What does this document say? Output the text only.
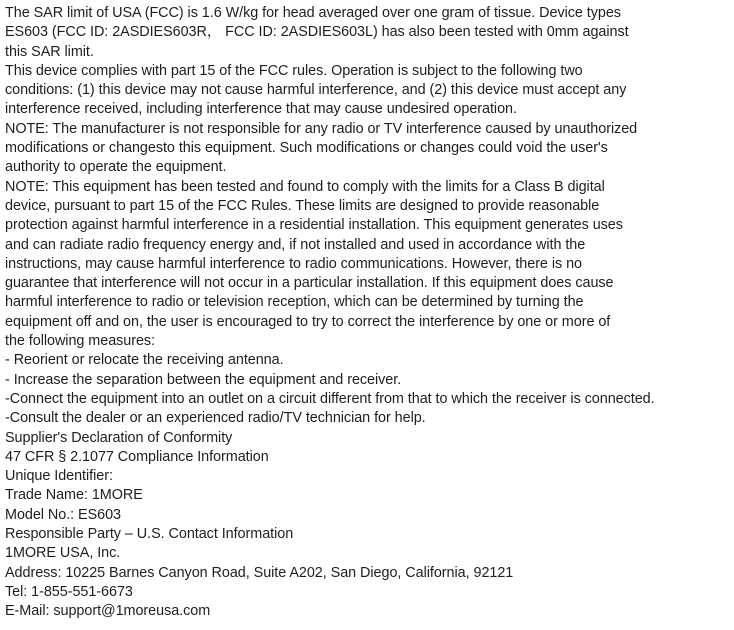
The SAR limit of USA (FCC) is 1.6 W/kg for head averaged over one gram of tissue. Device types
ES603 (FCC ID: 2ASDIES603R， FCC ID: 2ASDIES603L) has also been tested with 0mm against
this SAR limit.

This device complies with part 15 of the FCC rules. Operation is subject to the following two
conditions: (1) this device may not cause harmful interference, and (2) this device must accept any
interference received, including interference that may cause undesired operation.

NOTE: The manufacturer is not responsible for any radio or TV interference caused by unauthorized
modifications or changesto this equipment. Such modifications or changes could void the user's
authority to operate the equipment.

NOTE: This equipment has been tested and found to comply with the limits for a Class B digital
device, pursuant to part 15 of the FCC Rules. These limits are designed to provide reasonable
protection against harmful interference in a residential installation. This equipment generates uses
and can radiate radio frequency energy and, if not installed and used in accordance with the
instructions, may cause harmful interference to radio communications. However, there is no
guarantee that interference will not occur in a particular installation. If this equipment does cause
harmful interference to radio or television reception, which can be determined by turning the
equipment off and on, the user is encouraged to try to correct the interference by one or more of
the following measures:

- Reorient or relocate the receiving antenna.
- Increase the separation between the equipment and receiver.
-Connect the equipment into an outlet on a circuit different from that to which the receiver is connected.
-Consult the dealer or an experienced radio/TV technician for help.

Supplier's Declaration of Conformity
47 CFR § 2.1077 Compliance Information
Unique Identifier:
Trade Name: 1MORE
Model No.: ES603
Responsible Party – U.S. Contact Information
1MORE USA, Inc.
Address: 10225 Barnes Canyon Road, Suite A202, San Diego, California, 92121
Tel: 1-855-551-6673
E-Mail: support@1moreusa.com
